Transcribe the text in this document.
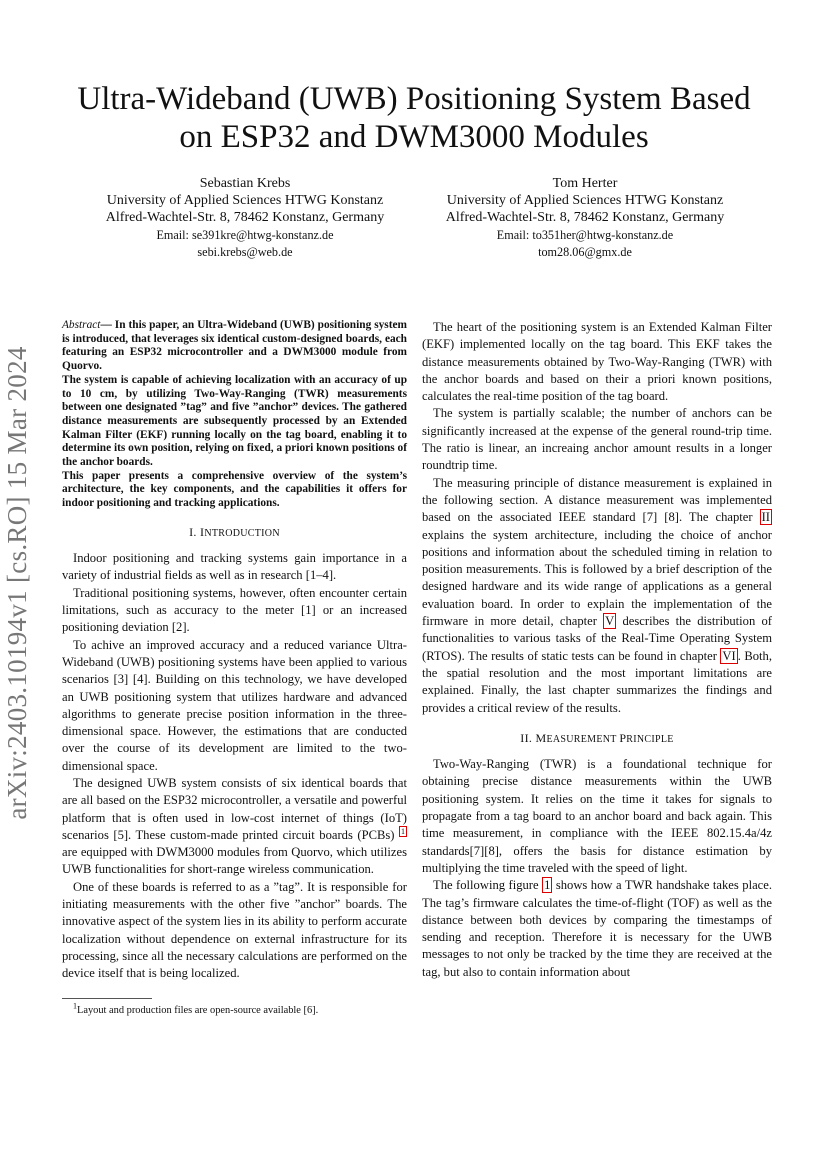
Ultra-Wideband (UWB) Positioning System Based
on ESP32 and DWM3000 Modules
Sebastian Krebs
University of Applied Sciences HTWG Konstanz
Alfred-Wachtel-Str. 8, 78462 Konstanz, Germany
Email: se391kre@htwg-konstanz.de
sebi.krebs@web.de
Tom Herter
University of Applied Sciences HTWG Konstanz
Alfred-Wachtel-Str. 8, 78462 Konstanz, Germany
Email: to351her@htwg-konstanz.de
tom28.06@gmx.de
arXiv:2403.10194v1 [cs.RO] 15 Mar 2024

Abstract— In this paper, an Ultra-Wideband (UWB) positioning system is introduced, that leverages six identical custom-designed boards, each featuring an ESP32 microcontroller and a DWM3000 module from Quorvo.

The system is capable of achieving localization with an accuracy of up to 10 cm, by utilizing Two-Way-Ranging (TWR) measurements between one designated ”tag” and five ”anchor” devices. The gathered distance measurements are subsequently processed by an Extended Kalman Filter (EKF) running locally on the tag board, enabling it to determine its own position, relying on fixed, a priori known positions of the anchor boards.

This paper presents a comprehensive overview of the system’s architecture, the key components, and the capabilities it offers for indoor positioning and tracking applications.

I. INTRODUCTION

Indoor positioning and tracking systems gain importance in a variety of industrial fields as well as in research [1–4].

Traditional positioning systems, however, often encounter certain limitations, such as accuracy to the meter [1] or an increased positioning deviation [2].

To achive an improved accuracy and a reduced variance Ultra-Wideband (UWB) positioning systems have been applied to various scenarios [3] [4]. Building on this technology, we have developed an UWB positioning system that utilizes hardware and advanced algorithms to generate precise position information in the three-dimensional space. However, the estimations that are conducted over the course of its development are limited to the two-dimensional space.

The designed UWB system consists of six identical boards that are all based on the ESP32 microcontroller, a versatile and powerful platform that is often used in low-cost internet of things (IoT) scenarios [5]. These custom-made printed circuit boards (PCBs) $^1$ are equipped with DWM3000 modules from Quorvo, which utilizes UWB functionalities for short-range wireless communication.

One of these boards is referred to as a ”tag”. It is responsible for initiating measurements with the other five ”anchor” boards. The innovative aspect of the system lies in its ability to perform accurate localization without dependence on external infrastructure for its processing, since all the necessary calculations are performed on the device itself that is being localized.

$^1$Layout and production files are open-source available [6].

The heart of the positioning system is an Extended Kalman Filter (EKF) implemented locally on the tag board. This EKF takes the distance measurements obtained by Two-Way-Ranging (TWR) with the anchor boards and based on their a priori known positions, calculates the real-time position of the tag board.

The system is partially scalable; the number of anchors can be significantly increased at the expense of the general round-trip time. The ratio is linear, an increaing anchor amount results in a longer roundtrip time.

The measuring principle of distance measurement is explained in the following section. A distance measurement was implemented based on the associated IEEE standard [7] [8]. The chapter II explains the system architecture, including the choice of anchor positions and information about the scheduled timing in relation to position measurements. This is followed by a brief description of the designed hardware and its wide range of applications as a general evaluation board. In order to explain the implementation of the firmware in more detail, chapter V describes the distribution of functionalities to various tasks of the Real-Time Operating System (RTOS). The results of static tests can be found in chapter VI . Both, the spatial resolution and the most important limitations are explained. Finally, the last chapter summarizes the findings and provides a critical review of the results.

II. MEASUREMENT PRINCIPLE

Two-Way-Ranging (TWR) is a foundational technique for obtaining precise distance measurements within the UWB positioning system. It relies on the time it takes for signals to propagate from a tag board to an anchor board and back again. This time measurement, in compliance with the IEEE 802.15.4a/4z standards[7][8], offers the basis for distance estimation by multiplying the time traveled with the speed of light.

The following figure 1 shows how a TWR handshake takes place. The tag’s firmware calculates the time-of-flight (TOF) as well as the distance between both devices by comparing the timestamps of sending and reception. Therefore it is necessary for the UWB messages to not only be tracked by the time they are received at the tag, but also to contain information about
